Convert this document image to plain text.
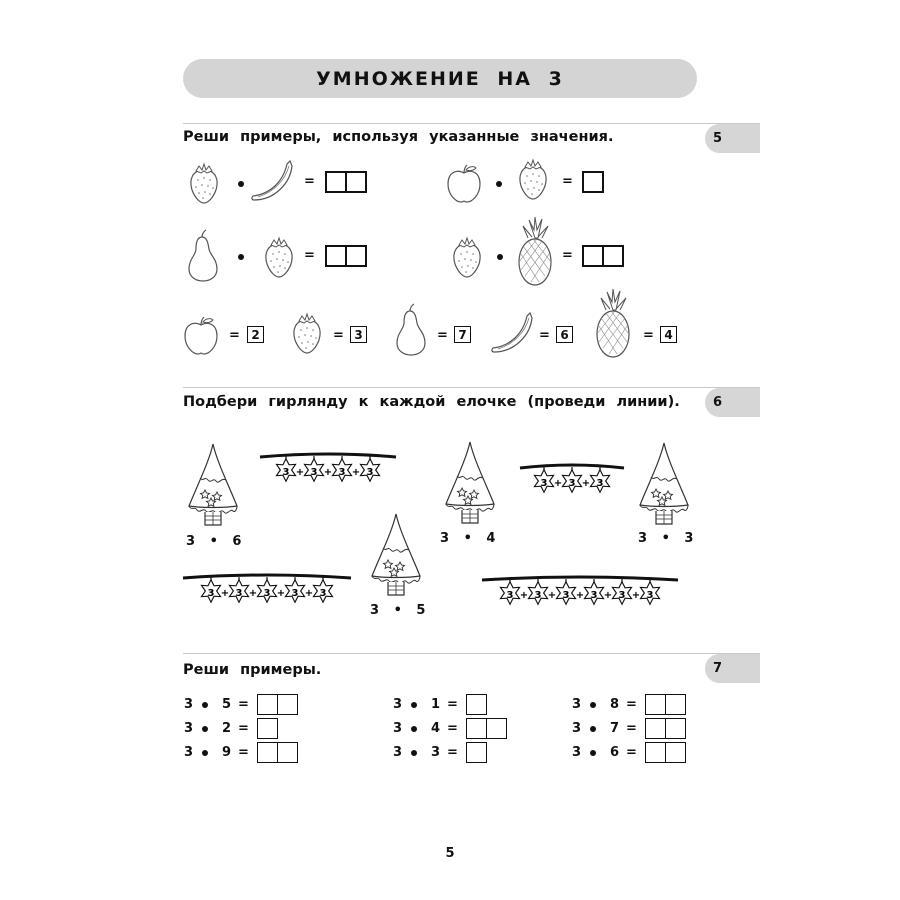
УМНОЖЕНИЕ НА 3
Реши примеры, используя указанные значения.	5
=	=
=	=
= 2	= 3	= 7	= 6	= 4
Подбери гирлянду к каждой елочке (проведи линии).	6
3 • 6	3 • 4	3 • 3
3 • 5
3 + 3 + 3 + 3
3 + 3 + 3
3 + 3 + 3 + 3 + 3	3 + 3 + 3 + 3 + 3 + 3
Реши примеры.	7
3	5 =
3	2 =
3	9 =
3	1 =
3	4 =
3	3 =
3	8 =
3	7 =
3	6 =
5
